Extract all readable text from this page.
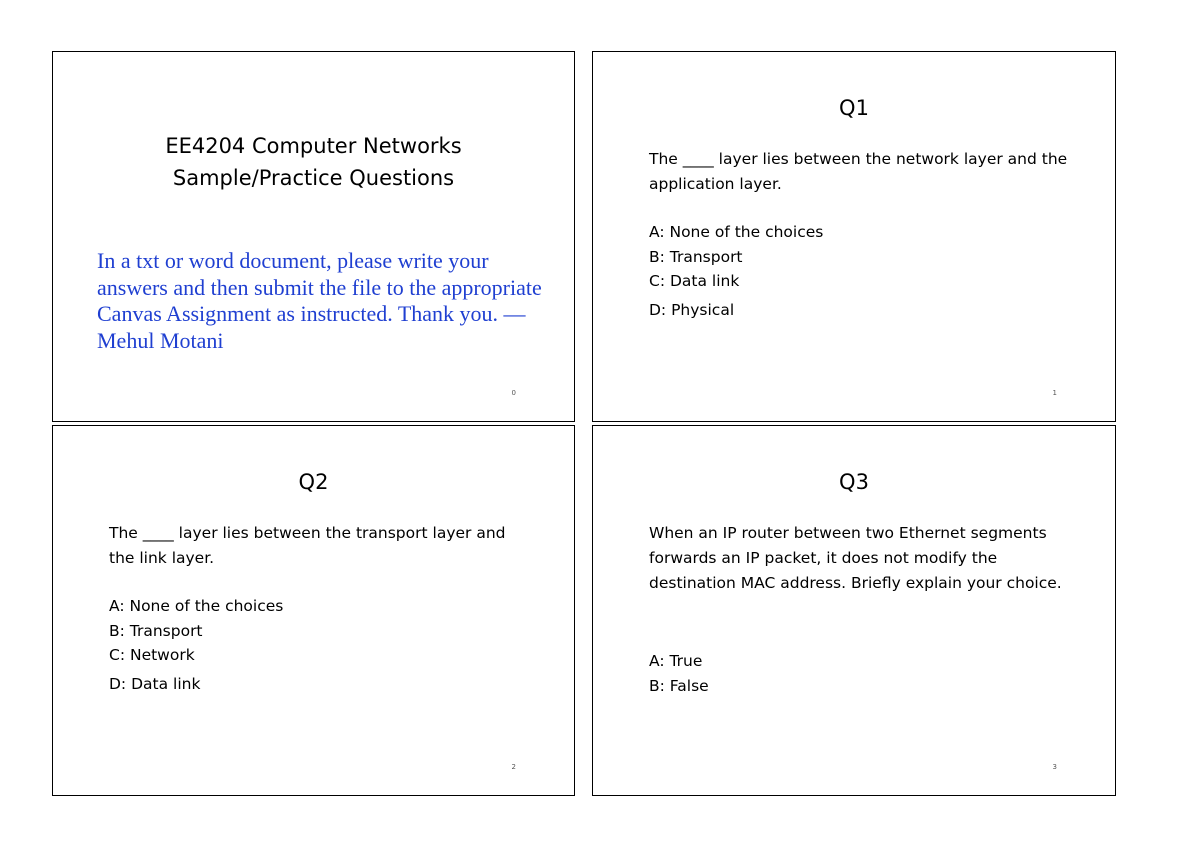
EE4204 Computer Networks
Sample/Practice Questions

In a txt or word document, please write your answers and then submit the file to the appropriate Canvas Assignment as instructed. Thank you. —Mehul Motani

0
Q1

The ____ layer lies between the network layer and the application layer.

A: None of the choices
B: Transport
C: Data link
D: Physical
1
Q2

The ____ layer lies between the transport layer and the link layer.

A: None of the choices
B: Transport
C: Network
D: Data link
2
Q3

When an IP router between two Ethernet segments forwards an IP packet, it does not modify the destination MAC address. Briefly explain your choice.

A: True
B: False
3
